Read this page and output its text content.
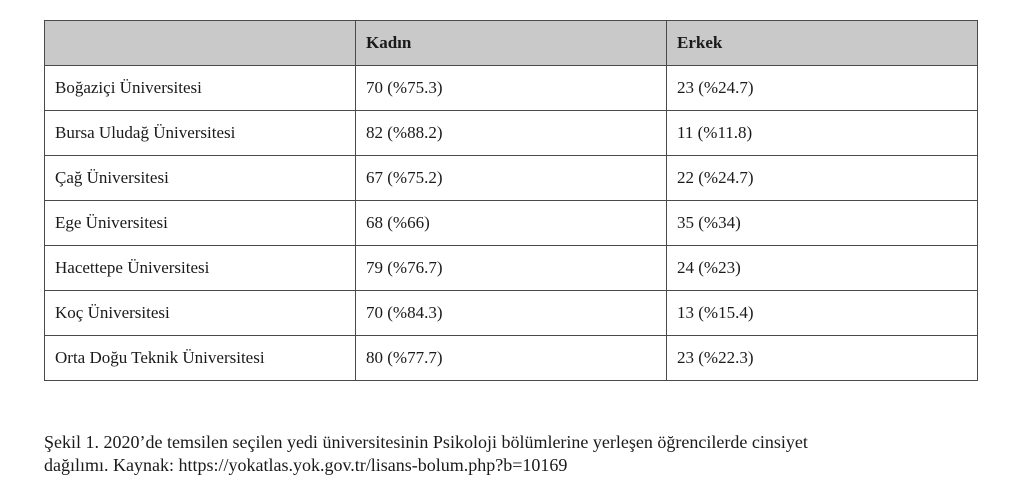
	Kadın	Erkek
Boğaziçi Üniversitesi	70 (%75.3)	23 (%24.7)
Bursa Uludağ Üniversitesi	82 (%88.2)	11 (%11.8)
Çağ Üniversitesi	67 (%75.2)	22 (%24.7)
Ege Üniversitesi	68 (%66)	35 (%34)
Hacettepe Üniversitesi	79 (%76.7)	24 (%23)
Koç Üniversitesi	70 (%84.3)	13 (%15.4)
Orta Doğu Teknik Üniversitesi	80 (%77.7)	23 (%22.3)
Şekil 1. 2020’de temsilen seçilen yedi üniversitesinin Psikoloji bölümlerine yerleşen öğrencilerde cinsiyet
dağılımı. Kaynak: https://yokatlas.yok.gov.tr/lisans-bolum.php?b=10169
